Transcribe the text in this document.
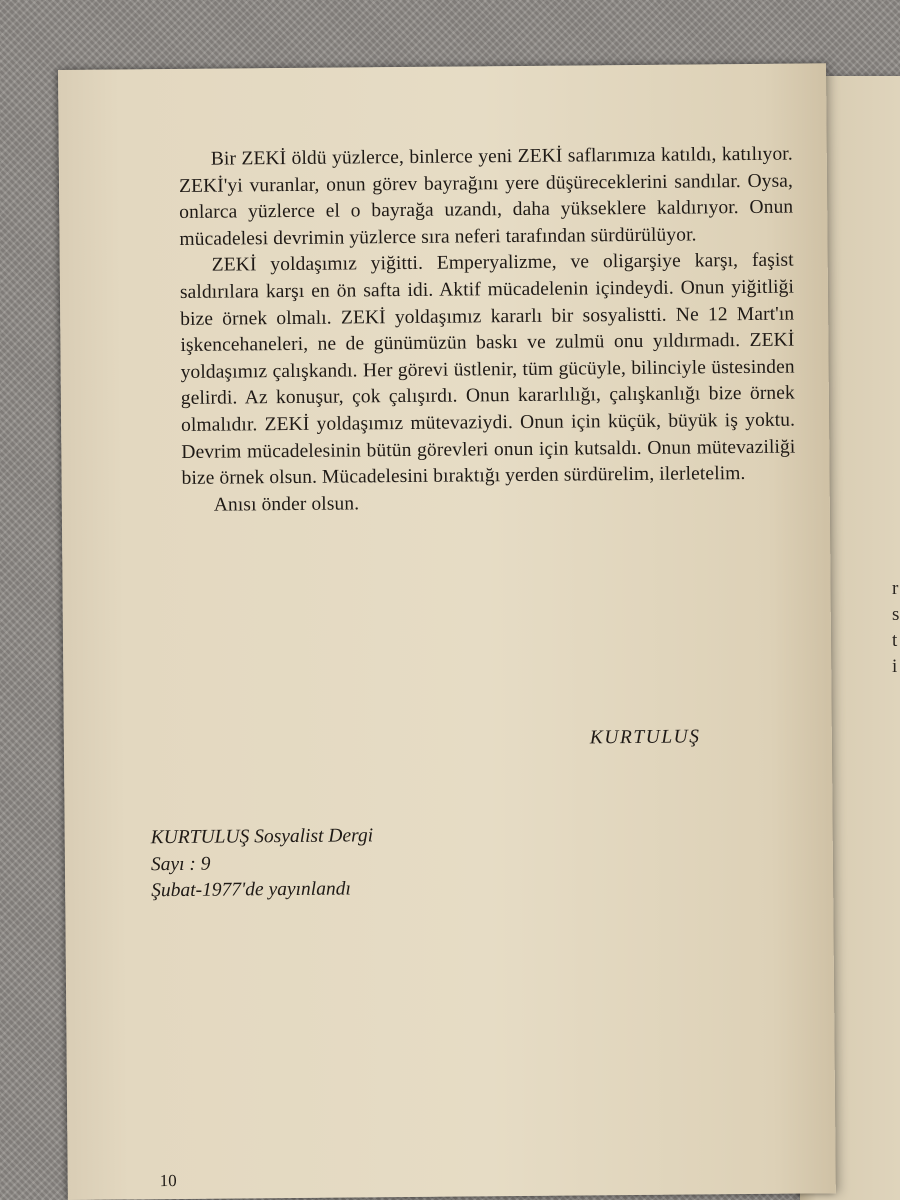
r
s
t
i

Bir ZEKİ öldü yüzlerce, binlerce yeni ZEKİ saflarımıza katıldı, katılıyor. ZEKİ'yi vuranlar, onun görev bayrağını yere düşüreceklerini sandılar. Oysa, onlarca yüzlerce el o bayrağa uzandı, daha yükseklere kaldırıyor. Onun mücadelesi devrimin yüzlerce sıra neferi tarafından sürdürülüyor.

ZEKİ yoldaşımız yiğitti. Emperyalizme, ve oligarşiye karşı, faşist saldırılara karşı en ön safta idi. Aktif mücadelenin içindeydi. Onun yiğitliği bize örnek olmalı. ZEKİ yoldaşımız kararlı bir sosyalistti. Ne 12 Mart'ın işkencehaneleri, ne de günümüzün baskı ve zulmü onu yıldırmadı. ZEKİ yoldaşımız çalışkandı. Her görevi üstlenir, tüm gücüyle, bilinciyle üstesinden gelirdi. Az konuşur, çok çalışırdı. Onun kararlılığı, çalışkanlığı bize örnek olmalıdır. ZEKİ yoldaşımız mütevaziydi. Onun için küçük, büyük iş yoktu. Devrim mücadelesinin bütün görevleri onun için kutsaldı. Onun mütevaziliği bize örnek olsun. Mücadelesini bıraktığı yerden sürdürelim, ilerletelim.

Anısı önder olsun.

KURTULUŞ
KURTULUŞ Sosyalist Dergi
Sayı : 9
Şubat-1977'de yayınlandı
10
